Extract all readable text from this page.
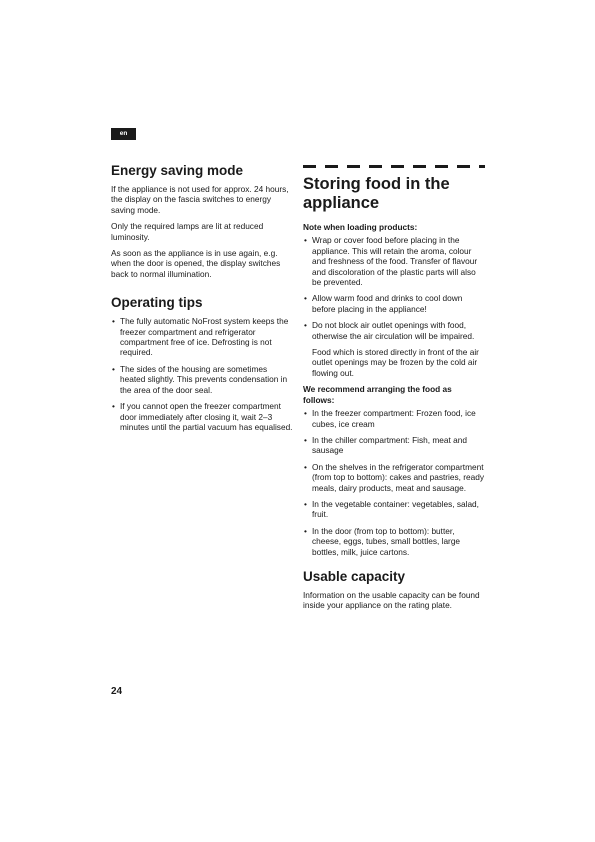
en
Energy saving mode

If the appliance is not used for approx. 24 hours, the display on the fascia switches to energy saving mode.

Only the required lamps are lit at reduced luminosity.

As soon as the appliance is in use again, e.g. when the door is opened, the display switches back to normal illumination.

Operating tips
• The fully automatic NoFrost system keeps the freezer compartment and refrigerator compartment free of ice. Defrosting is not required.
• The sides of the housing are sometimes heated slightly. This prevents condensation in the area of the door seal.
• If you cannot open the freezer compartment door immediately after closing it, wait 2–3 minutes until the partial vacuum has equalised.
Storing food in the appliance
Note when loading products:
• Wrap or cover food before placing in the appliance. This will retain the aroma, colour and freshness of the food. Transfer of flavour and discoloration of the plastic parts will also be prevented.
• Allow warm food and drinks to cool down before placing in the appliance!
• Do not block air outlet openings with food, otherwise the air circulation will be impaired.

Food which is stored directly in front of the air outlet openings may be frozen by the cold air flowing out.

We recommend arranging the food as follows:
• In the freezer compartment: Frozen food, ice cubes, ice cream
• In the chiller compartment: Fish, meat and sausage
• On the shelves in the refrigerator compartment (from top to bottom): cakes and pastries, ready meals, dairy products, meat and sausage.
• In the vegetable container: vegetables, salad, fruit.
• In the door (from top to bottom): butter, cheese, eggs, tubes, small bottles, large bottles, milk, juice cartons.
Usable capacity

Information on the usable capacity can be found inside your appliance on the rating plate.

24
